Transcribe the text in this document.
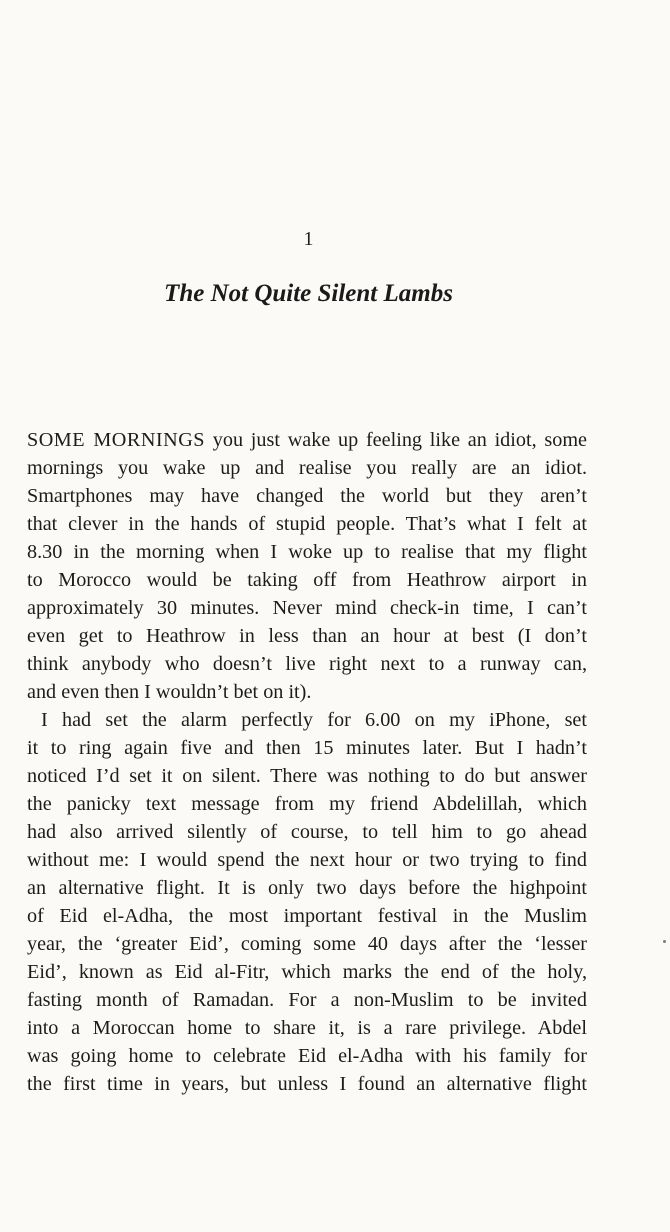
1
The Not Quite Silent Lambs

SOME MORNINGS you just wake up feeling like an idiot, some
mornings you wake up and realise you really are an idiot.
Smartphones may have changed the world but they aren’t
that clever in the hands of stupid people. That’s what I felt at
8.30 in the morning when I woke up to realise that my flight
to Morocco would be taking off from Heathrow airport in
approximately 30 minutes. Never mind check-in time, I can’t
even get to Heathrow in less than an hour at best (I don’t
think anybody who doesn’t live right next to a runway can,
and even then I wouldn’t bet on it).

I had set the alarm perfectly for 6.00 on my iPhone, set
it to ring again five and then 15 minutes later. But I hadn’t
noticed I’d set it on silent. There was nothing to do but answer
the panicky text message from my friend Abdelillah, which
had also arrived silently of course, to tell him to go ahead
without me: I would spend the next hour or two trying to find
an alternative flight. It is only two days before the highpoint
of Eid el-Adha, the most important festival in the Muslim
year, the ‘greater Eid’, coming some 40 days after the ‘lesser
Eid’, known as Eid al-Fitr, which marks the end of the holy,
fasting month of Ramadan. For a non-Muslim to be invited
into a Moroccan home to share it, is a rare privilege. Abdel
was going home to celebrate Eid el-Adha with his family for
the first time in years, but unless I found an alternative flight
